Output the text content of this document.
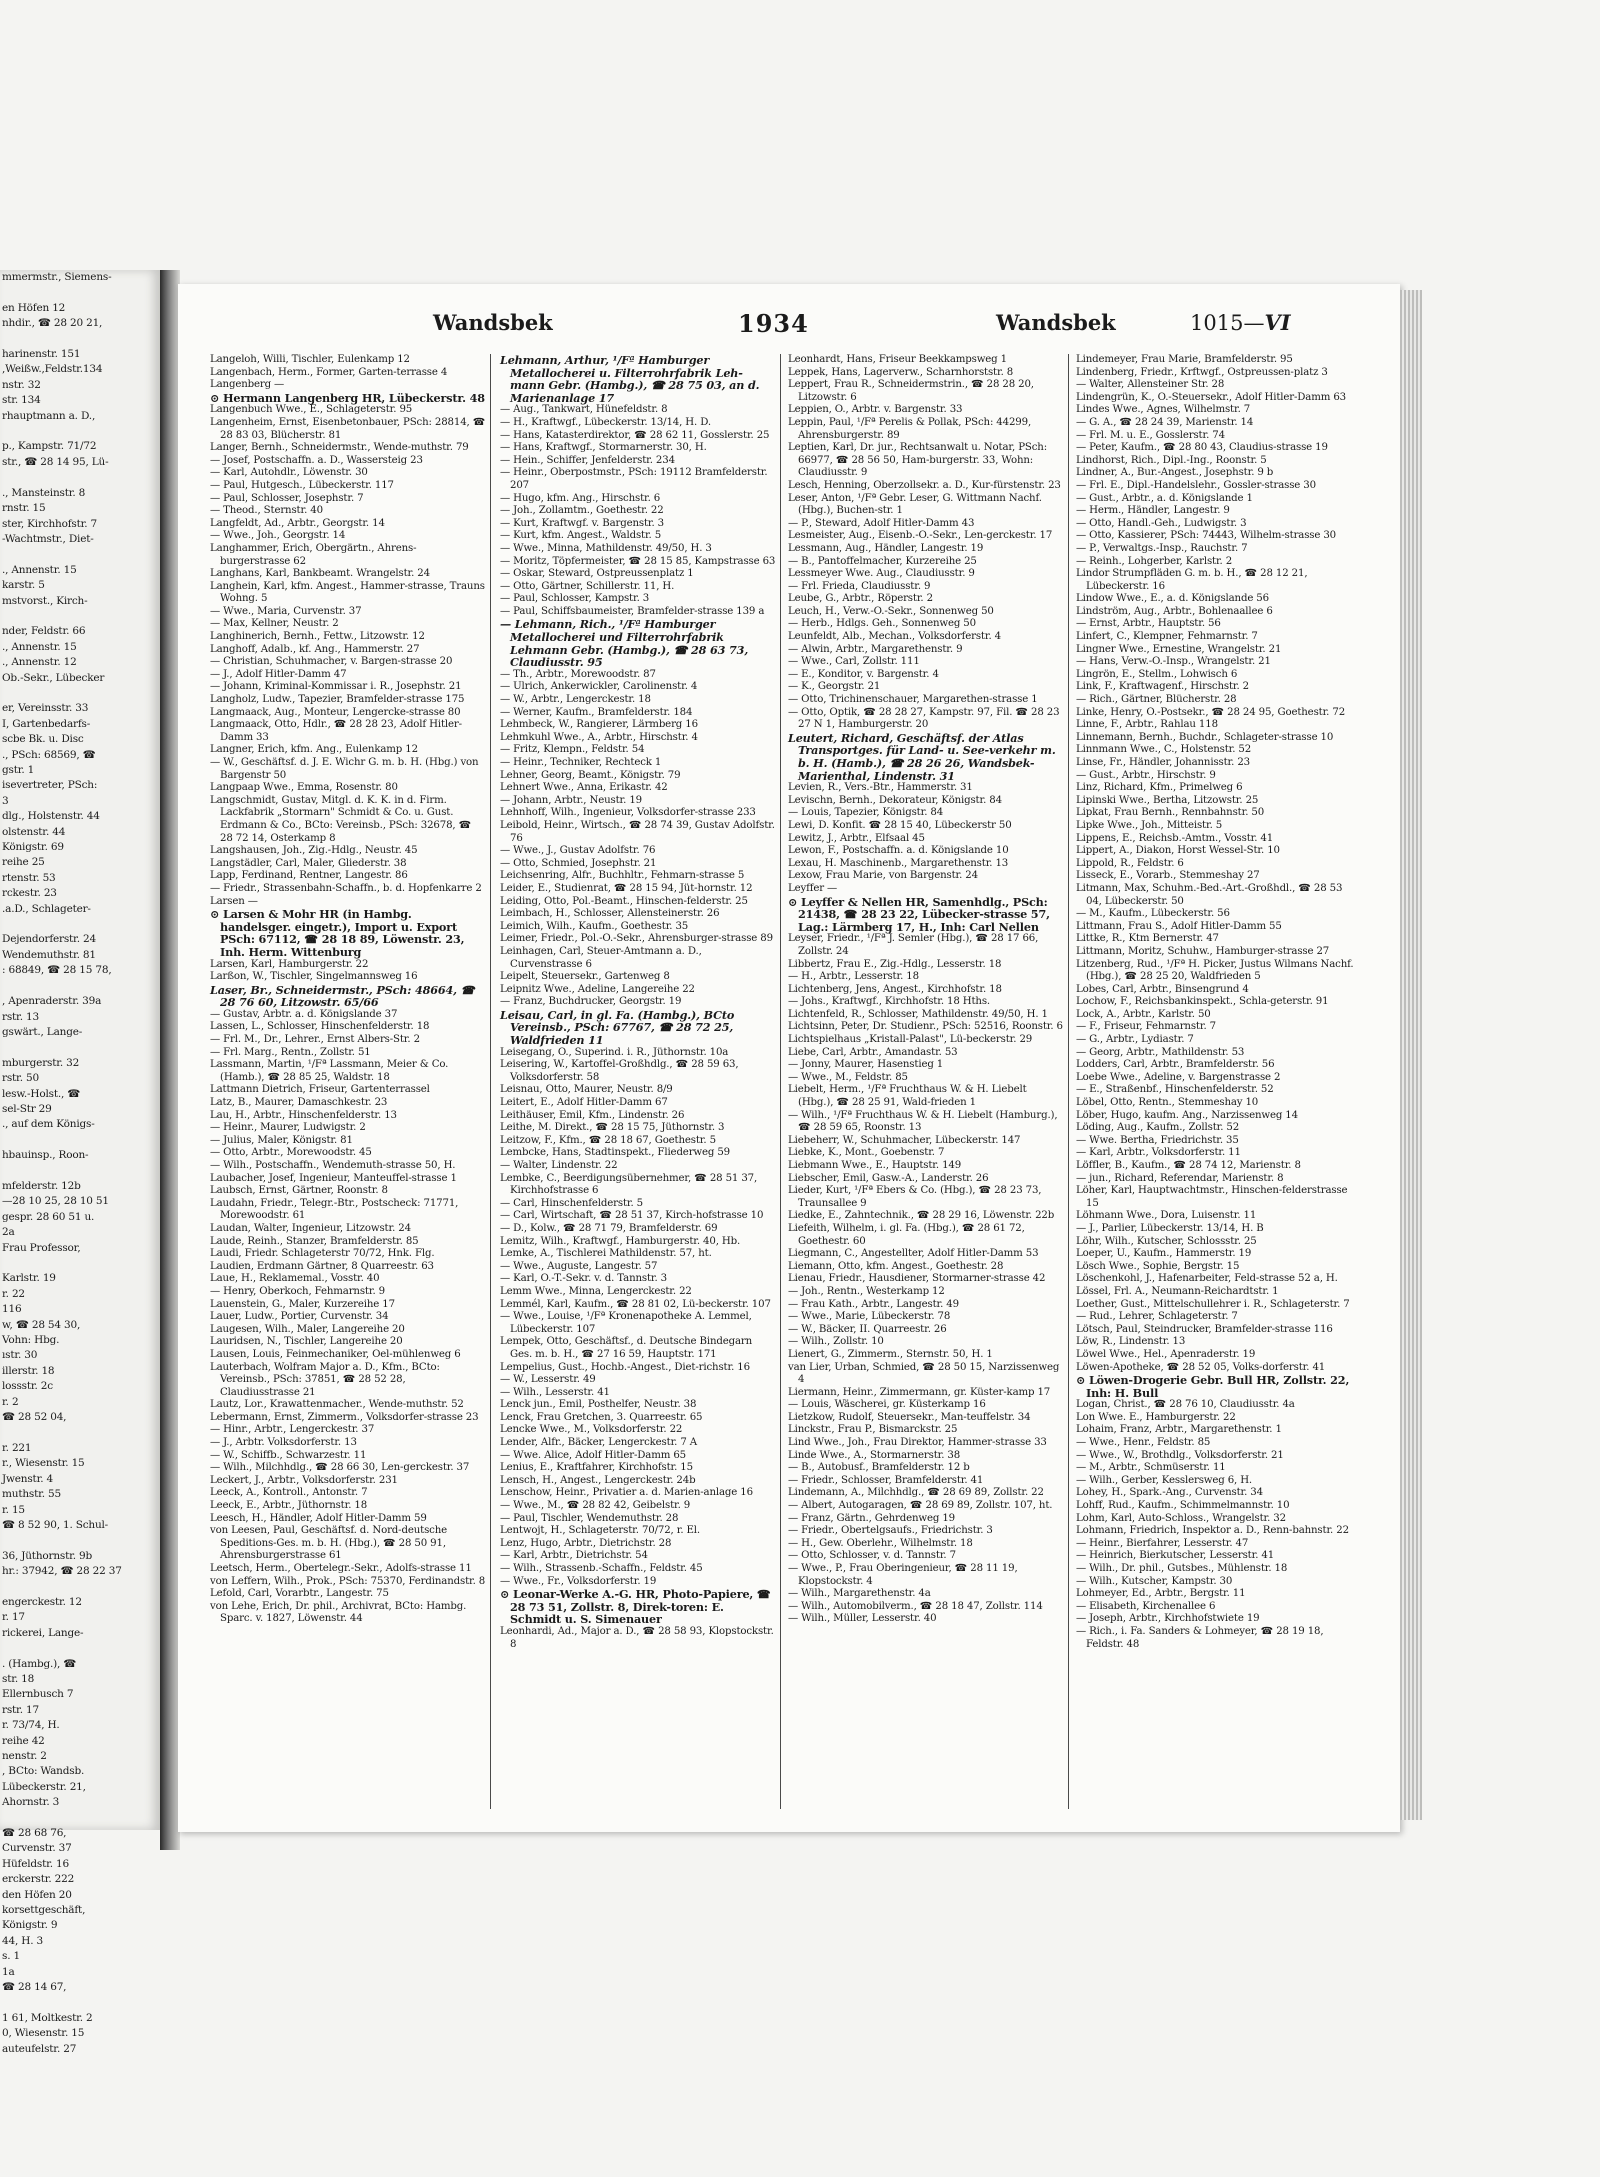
mmermstr., Siemens-

en Höfen 12
nhdir., ☎ 28 20 21,

harinenstr. 151
,Weißw.,Feldstr.134
nstr. 32
str. 134
rhauptmann a. D.,

p., Kampstr. 71/72
str., ☎ 28 14 95, Lü-

., Mansteinstr. 8
rnstr. 15
ster, Kirchhofstr. 7
-Wachtmstr., Diet-

., Annenstr. 15
karstr. 5
mstvorst., Kirch-

nder, Feldstr. 66
., Annenstr. 15
., Annenstr. 12
Ob.-Sekr., Lübecker

er, Vereinsstr. 33
I, Gartenbedarfs-
scbe Bk. u. Disc
., PSch: 68569, ☎
gstr. 1
isevertreter, PSch:
3
dlg., Holstenstr. 44
olstenstr. 44
Königstr. 69
reihe 25
rtenstr. 53
rckestr. 23
.a.D., Schlageter-

Dejendorferstr. 24
Wendemuthstr. 81
: 68849, ☎ 28 15 78,

, Apenraderstr. 39a
rstr. 13
gswärt., Lange-

mburgerstr. 32
rstr. 50
lesw.-Holst., ☎
sel-Str 29
., auf dem Königs-

hbauinsp., Roon-

mfelderstr. 12b
—28 10 25, 28 10 51
gespr. 28 60 51 u.
2a
Frau Professor,

Karlstr. 19
r. 22
116
w, ☎ 28 54 30,
Vohn: Hbg.
ıstr. 30
illerstr. 18
lossstr. 2c
r. 2
☎ 28 52 04,

r. 221
r., Wiesenstr. 15
Jwenstr. 4
muthstr. 55
r. 15
☎ 8 52 90, 1. Schul-

36, Jüthornstr. 9b
hr.: 37942, ☎ 28 22 37

engerckestr. 12
r. 17
rickerei, Lange-

. (Hambg.), ☎
str. 18
Ellernbusch 7
rstr. 17
r. 73/74, H.
reihe 42
nenstr. 2
, BCto: Wandsb.
Lübeckerstr. 21,
Ahornstr. 3

☎ 28 68 76,
Curvenstr. 37
Hüfeldstr. 16
erckerstr. 222
den Höfen 20
korsettgeschäft,
Königstr. 9
44, H. 3
s. 1
1a
☎ 28 14 67,

1 61, Moltkestr. 2
0, Wiesenstr. 15
auteufelstr. 27
Wandsbek	1934	Wandsbek	1015—VI
Langeloh, Willi, Tischler, Eulenkamp 12
Langenbach, Herm., Former, Garten-terrasse 4
Langenberg —
⊙ Hermann Langenberg HR, Lübeckerstr. 48
Langenbuch Wwe., E., Schlageterstr. 95
Langenheim, Ernst, Eisenbetonbauer, PSch: 28814, ☎ 28 83 03, Blücherstr. 81
Langer, Bernh., Schneidermstr., Wende-muthstr. 79
— Josef, Postschaffn. a. D., Wassersteig 23
— Karl, Autohdlr., Löwenstr. 30
— Paul, Hutgesch., Lübeckerstr. 117
— Paul, Schlosser, Josephstr. 7
— Theod., Sternstr. 40
Langfeldt, Ad., Arbtr., Georgstr. 14
— Wwe., Joh., Georgstr. 14
Langhammer, Erich, Obergärtn., Ahrens-burgerstrasse 62
Langhans, Karl, Bankbeamt. Wrangelstr. 24
Langhein, Karl, kfm. Angest., Hammer-strasse, Trauns Wohng. 5
— Wwe., Maria, Curvenstr. 37
— Max, Kellner, Neustr. 2
Langhinerich, Bernh., Fettw., Litzowstr. 12
Langhoff, Adalb., kf. Ang., Hammerstr. 27
— Christian, Schuhmacher, v. Bargen-strasse 20
— J., Adolf Hitler-Damm 47
— Johann, Kriminal-Kommissar i. R., Josephstr. 21
Langholz, Ludw., Tapezier, Bramfelder-strasse 175
Langmaack, Aug., Monteur, Lengercke-strasse 80
Langmaack, Otto, Hdlr., ☎ 28 28 23, Adolf Hitler-Damm 33
Langner, Erich, kfm. Ang., Eulenkamp 12
— W., Geschäftsf. d. J. E. Wichr G. m. b. H. (Hbg.) von Bargenstr 50
Langpaap Wwe., Emma, Rosenstr. 80
Langschmidt, Gustav, Mitgl. d. K. K. in d. Firm. Lackfabrik „Stormarn" Schmidt & Co. u. Gust. Erdmann & Co., BCto: Vereinsb., PSch: 32678, ☎ 28 72 14, Osterkamp 8
Langshausen, Joh., Zig.-Hdlg., Neustr. 45
Langstädler, Carl, Maler, Gliederstr. 38
Lapp, Ferdinand, Rentner, Langestr. 86
— Friedr., Strassenbahn-Schaffn., b. d. Hopfenkarre 2
Larsen —
⊙ Larsen & Mohr HR (in Hambg. handelsger. eingetr.), Import u. Export PSch: 67112, ☎ 28 18 89, Löwenstr. 23, Inh. Herm. Wittenburg
Larsen, Karl, Hamburgerstr. 22
Larßon, W., Tischler, Singelmannsweg 16
Laser, Br., Schneidermstr., PSch: 48664, ☎ 28 76 60, Litzowstr. 65/66
— Gustav, Arbtr. a. d. Königslande 37
Lassen, L., Schlosser, Hinschenfelderstr. 18
— Frl. M., Dr., Lehrer., Ernst Albers-Str. 2
— Frl. Marg., Rentn., Zollstr. 51
Lassmann, Martin, ¹/Fª Lassmann, Meier & Co. (Hamb.), ☎ 28 85 25, Waldstr. 18
Lattmann Dietrich, Friseur, Gartenterrassel
Latz, B., Maurer, Damaschkestr. 23
Lau, H., Arbtr., Hinschenfelderstr. 13
— Heinr., Maurer, Ludwigstr. 2
— Julius, Maler, Königstr. 81
— Otto, Arbtr., Morewoodstr. 45
— Wilh., Postschaffn., Wendemuth-strasse 50, H.
Laubacher, Josef, Ingenieur, Manteuffel-strasse 1
Laubsch, Ernst, Gärtner, Roonstr. 8
Laudahn, Friedr., Telegr.-Btr., Postscheck: 71771, Morewoodstr. 61
Laudan, Walter, Ingenieur, Litzowstr. 24
Laude, Reinh., Stanzer, Bramfelderstr. 85
Laudi, Friedr. Schlageterstr 70/72, Hnk. Flg.
Laudien, Erdmann Gärtner, 8 Quarreestr. 63
Laue, H., Reklamemal., Vosstr. 40
— Henry, Oberkoch, Fehmarnstr. 9
Lauenstein, G., Maler, Kurzereihe 17
Lauer, Ludw., Portier, Curvenstr. 34
Laugesen, Wilh., Maler, Langereihe 20
Lauridsen, N., Tischler, Langereihe 20
Lausen, Louis, Feinmechaniker, Oel-mühlenweg 6
Lauterbach, Wolfram Major a. D., Kfm., BCto: Vereinsb., PSch: 37851, ☎ 28 52 28, Claudiusstrasse 21
Lautz, Lor., Krawattenmacher., Wende-muthstr. 52
Lebermann, Ernst, Zimmerm., Volksdorfer-strasse 23
— Hinr., Arbtr., Lengerckestr. 37
— J., Arbtr. Volksdorferstr. 13
— W., Schiffb., Schwarzestr. 11
— Wilh., Milchhdlg., ☎ 28 66 30, Len-gerckestr. 37
Leckert, J., Arbtr., Volksdorferstr. 231
Leeck, A., Kontroll., Antonstr. 7
Leeck, E., Arbtr., Jüthornstr. 18
Leesch, H., Händler, Adolf Hitler-Damm 59
von Leesen, Paul, Geschäftsf. d. Nord-deutsche Speditions-Ges. m. b. H. (Hbg.), ☎ 28 50 91, Ahrensburgerstrasse 61
Leetsch, Herm., Obertelegr.-Sekr., Adolfs-strasse 11
von Leffern, Wilh., Prok., PSch: 75370, Ferdinandstr. 8
Lefold, Carl, Vorarbtr., Langestr. 75
von Lehe, Erich, Dr. phil., Archivrat, BCto: Hambg. Sparc. v. 1827, Löwenstr. 44
Lehmann, Arthur, ¹/Fª Hamburger Metallocherei u. Filterrohrfabrik Leh-mann Gebr. (Hambg.), ☎ 28 75 03, an d. Marienanlage 17
— Aug., Tankwart, Hünefeldstr. 8
— H., Kraftwgf., Lübeckerstr. 13/14, H. D.
— Hans, Katasterdirektor, ☎ 28 62 11, Gosslerstr. 25
— Hans, Kraftwgf., Stormarnerstr. 30, H.
— Hein., Schiffer, Jenfelderstr. 234
— Heinr., Oberpostmstr., PSch: 19112 Bramfelderstr. 207
— Hugo, kfm. Ang., Hirschstr. 6
— Joh., Zollamtm., Goethestr. 22
— Kurt, Kraftwgf. v. Bargenstr. 3
— Kurt, kfm. Angest., Waldstr. 5
— Wwe., Minna, Mathildenstr. 49/50, H. 3
— Moritz, Töpfermeister, ☎ 28 15 85, Kampstrasse 63
— Oskar, Steward, Ostpreussenplatz 1
— Otto, Gärtner, Schillerstr. 11, H.
— Paul, Schlosser, Kampstr. 3
— Paul, Schiffsbaumeister, Bramfelder-strasse 139 a
— Lehmann, Rich., ¹/Fª Hamburger Metallocherei und Filterrohrfabrik Lehmann Gebr. (Hambg.), ☎ 28 63 73, Claudiusstr. 95
— Th., Arbtr., Morewoodstr. 87
— Ulrich, Ankerwickler, Carolinenstr. 4
— W., Arbtr., Lengerckestr. 18
— Werner, Kaufm., Bramfelderstr. 184
Lehmbeck, W., Rangierer, Lärmberg 16
Lehmkuhl Wwe., A., Arbtr., Hirschstr. 4
— Fritz, Klempn., Feldstr. 54
— Heinr., Techniker, Rechteck 1
Lehner, Georg, Beamt., Königstr. 79
Lehnert Wwe., Anna, Erikastr. 42
— Johann, Arbtr., Neustr. 19
Lehnhoff, Wilh., Ingenieur, Volksdorfer-strasse 233
Leibold, Heinr., Wirtsch., ☎ 28 74 39, Gustav Adolfstr. 76
— Wwe., J., Gustav Adolfstr. 76
— Otto, Schmied, Josephstr. 21
Leichsenring, Alfr., Buchhltr., Fehmarn-strasse 5
Leider, E., Studienrat, ☎ 28 15 94, Jüt-hornstr. 12
Leiding, Otto, Pol.-Beamt., Hinschen-felderstr. 25
Leimbach, H., Schlosser, Allensteinerstr. 26
Leimich, Wilh., Kaufm., Goethestr. 35
Leimer, Friedr., Pol.-O.-Sekr., Ahrensburger-strasse 89
Leinhagen, Carl, Steuer-Amtmann a. D., Curvenstrasse 6
Leipelt, Steuersekr., Gartenweg 8
Leipnitz Wwe., Adeline, Langereihe 22
— Franz, Buchdrucker, Georgstr. 19
Leisau, Carl, in gl. Fa. (Hambg.), BCto Vereinsb., PSch: 67767, ☎ 28 72 25, Waldfrieden 11
Leisegang, O., Superind. i. R., Jüthornstr. 10a
Leisering, W., Kartoffel-Großhdlg., ☎ 28 59 63, Volksdorferstr. 58
Leisnau, Otto, Maurer, Neustr. 8/9
Leitert, E., Adolf Hitler-Damm 67
Leithäuser, Emil, Kfm., Lindenstr. 26
Leithe, M. Direkt., ☎ 28 15 75, Jüthornstr. 3
Leitzow, F., Kfm., ☎ 28 18 67, Goethestr. 5
Lembcke, Hans, Stadtinspekt., Fliederweg 59
— Walter, Lindenstr. 22
Lembke, C., Beerdigungsübernehmer, ☎ 28 51 37, Kirchhofstrasse 6
— Carl, Hinschenfelderstr. 5
— Carl, Wirtschaft, ☎ 28 51 37, Kirch-hofstrasse 10
— D., Kolw., ☎ 28 71 79, Bramfelderstr. 69
Lemitz, Wilh., Kraftwgf., Hamburgerstr. 40, Hb.
Lemke, A., Tischlerei Mathildenstr. 57, ht.
— Wwe., Auguste, Langestr. 57
— Karl, O.-T.-Sekr. v. d. Tannstr. 3
Lemm Wwe., Minna, Lengerckestr. 22
Lemmél, Karl, Kaufm., ☎ 28 81 02, Lü-beckerstr. 107
— Wwe., Louise, ¹/Fª Kronenapotheke A. Lemmel, Lübeckerstr. 107
Lempek, Otto, Geschäftsf., d. Deutsche Bindegarn Ges. m. b. H., ☎ 27 16 59, Hauptstr. 171
Lempelius, Gust., Hochb.-Angest., Diet-richstr. 16
— W., Lesserstr. 49
— Wilh., Lesserstr. 41
Lenck jun., Emil, Posthelfer, Neustr. 38
Lenck, Frau Gretchen, 3. Quarreestr. 65
Lencke Wwe., M., Volksdorferstr. 22
Lender, Alfr., Bäcker, Lengerckestr. 7 A
— Wwe. Alice, Adolf Hitler-Damm 65
Lenius, E., Kraftfahrer, Kirchhofstr. 15
Lensch, H., Angest., Lengerckestr. 24b
Lenschow, Heinr., Privatier a. d. Marien-anlage 16
— Wwe., M., ☎ 28 82 42, Geibelstr. 9
— Paul, Tischler, Wendemuthstr. 28
Lentwojt, H., Schlageterstr. 70/72, r. El.
Lenz, Hugo, Arbtr., Dietrichstr. 28
— Karl, Arbtr., Dietrichstr. 54
— Wilh., Strassenb.-Schaffn., Feldstr. 45
— Wwe., Fr., Volksdorferstr. 19
⊙ Leonar-Werke A.-G. HR, Photo-Papiere, ☎ 28 73 51, Zollstr. 8, Direk-toren: E. Schmidt u. S. Simenauer
Leonhardi, Ad., Major a. D., ☎ 28 58 93, Klopstockstr. 8
Leonhardt, Hans, Friseur Beekkampsweg 1
Leppek, Hans, Lagerverw., Scharnhorststr. 8
Leppert, Frau R., Schneidermstrin., ☎ 28 28 20, Litzowstr. 6
Leppien, O., Arbtr. v. Bargenstr. 33
Leppin, Paul, ¹/Fª Perelis & Pollak, PSch: 44299, Ahrensburgerstr. 89
Leptien, Karl, Dr. jur., Rechtsanwalt u. Notar, PSch: 66977, ☎ 28 56 50, Ham-burgerstr. 33, Wohn: Claudiusstr. 9
Lesch, Henning, Oberzollsekr. a. D., Kur-fürstenstr. 23
Leser, Anton, ¹/Fª Gebr. Leser, G. Wittmann Nachf. (Hbg.), Buchen-str. 1
— P., Steward, Adolf Hitler-Damm 43
Lesmeister, Aug., Eisenb.-O.-Sekr., Len-gerckestr. 17
Lessmann, Aug., Händler, Langestr. 19
— B., Pantoffelmacher, Kurzereihe 25
Lessmeyer Wwe. Aug., Claudiusstr. 9
— Frl. Frieda, Claudiusstr. 9
Leube, G., Arbtr., Röperstr. 2
Leuch, H., Verw.-O.-Sekr., Sonnenweg 50
— Herb., Hdlgs. Geh., Sonnenweg 50
Leunfeldt, Alb., Mechan., Volksdorferstr. 4
— Alwin, Arbtr., Margarethenstr. 9
— Wwe., Carl, Zollstr. 111
— E., Konditor, v. Bargenstr. 4
— K., Georgstr. 21
— Otto, Trichinenschauer, Margarethen-strasse 1
— Otto, Optik, ☎ 28 28 27, Kampstr. 97, Fil. ☎ 28 23 27 N 1, Hamburgerstr. 20
Leutert, Richard, Geschäftsf. der Atlas Transportges. für Land- u. See-verkehr m. b. H. (Hamb.), ☎ 28 26 26, Wandsbek-Marienthal, Lindenstr. 31
Levien, R., Vers.-Btr., Hammerstr. 31
Levischn, Bernh., Dekorateur, Königstr. 84
— Louis, Tapezier, Königstr. 84
Lewi, D. Konfit. ☎ 28 15 40, Lübeckerstr 50
Lewitz, J., Arbtr., Elfsaal 45
Lewon, F., Postschaffn. a. d. Königslande 10
Lexau, H. Maschinenb., Margarethenstr. 13
Lexow, Frau Marie, von Bargenstr. 24
Leyffer —
⊙ Leyffer & Nellen HR, Samenhdlg., PSch: 21438, ☎ 28 23 22, Lübecker-strasse 57, Lag.: Lärmberg 17, H., Inh: Carl Nellen
Leyser, Friedr., ¹/Fª J. Semler (Hbg.), ☎ 28 17 66, Zollstr. 24
Libbertz, Frau E., Zig.-Hdlg., Lesserstr. 18
— H., Arbtr., Lesserstr. 18
Lichtenberg, Jens, Angest., Kirchhofstr. 18
— Johs., Kraftwgf., Kirchhofstr. 18 Hths.
Lichtenfeld, R., Schlosser, Mathildenstr. 49/50, H. 1
Lichtsinn, Peter, Dr. Studienr., PSch: 52516, Roonstr. 6
Lichtspielhaus „Kristall-Palast", Lü-beckerstr. 29
Liebe, Carl, Arbtr., Amandastr. 53
— Jonny, Maurer, Hasenstieg 1
— Wwe., M., Feldstr. 85
Liebelt, Herm., ¹/Fª Fruchthaus W. & H. Liebelt (Hbg.), ☎ 28 25 91, Wald-frieden 1
— Wilh., ¹/Fª Fruchthaus W. & H. Liebelt (Hamburg.), ☎ 28 59 65, Roonstr. 13
Liebeherr, W., Schuhmacher, Lübeckerstr. 147
Liebke, K., Mont., Goebenstr. 7
Liebmann Wwe., E., Hauptstr. 149
Liebscher, Emil, Gasw.-A., Landerstr. 26
Lieder, Kurt, ¹/Fª Ebers & Co. (Hbg.), ☎ 28 23 73, Traunsallee 9
Liedke, E., Zahntechnik., ☎ 28 29 16, Löwenstr. 22b
Liefeith, Wilhelm, i. gl. Fa. (Hbg.), ☎ 28 61 72, Goethestr. 60
Liegmann, C., Angestellter, Adolf Hitler-Damm 53
Liemann, Otto, kfm. Angest., Goethestr. 28
Lienau, Friedr., Hausdiener, Stormarner-strasse 42
— Joh., Rentn., Westerkamp 12
— Frau Kath., Arbtr., Langestr. 49
— Wwe., Marie, Lübeckerstr. 78
— W., Bäcker, II. Quarreestr. 26
— Wilh., Zollstr. 10
Lienert, G., Zimmerm., Sternstr. 50, H. 1
van Lier, Urban, Schmied, ☎ 28 50 15, Narzissenweg 4
Liermann, Heinr., Zimmermann, gr. Küster-kamp 17
— Louis, Wäscherei, gr. Küsterkamp 16
Lietzkow, Rudolf, Steuersekr., Man-teuffelstr. 34
Linckstr., Frau P., Bismarckstr. 25
Lind Wwe., Joh., Frau Direktor, Hammer-strasse 33
Linde Wwe., A., Stormarnerstr. 38
— B., Autobusf., Bramfelderstr. 12 b
— Friedr., Schlosser, Bramfelderstr. 41
Lindemann, A., Milchhdlg., ☎ 28 69 89, Zollstr. 22
— Albert, Autogaragen, ☎ 28 69 89, Zollstr. 107, ht.
— Franz, Gärtn., Gehrdenweg 19
— Friedr., Obertelgsaufs., Friedrichstr. 3
— H., Gew. Oberlehr., Wilhelmstr. 18
— Otto, Schlosser, v. d. Tannstr. 7
— Wwe., P., Frau Oberingenieur, ☎ 28 11 19, Klopstockstr. 4
— Wilh., Margarethenstr. 4a
— Wilh., Automobilverm., ☎ 28 18 47, Zollstr. 114
— Wilh., Müller, Lesserstr. 40
Lindemeyer, Frau Marie, Bramfelderstr. 95
Lindenberg, Friedr., Krftwgf., Ostpreussen-platz 3
— Walter, Allensteiner Str. 28
Lindengrün, K., O.-Steuersekr., Adolf Hitler-Damm 63
Lindes Wwe., Agnes, Wilhelmstr. 7
— G. A., ☎ 28 24 39, Marienstr. 14
— Frl. M. u. E., Gosslerstr. 74
— Peter, Kaufm., ☎ 28 80 43, Claudius-strasse 19
Lindhorst, Rich., Dipl.-Ing., Roonstr. 5
Lindner, A., Bur.-Angest., Josephstr. 9 b
— Frl. E., Dipl.-Handelslehr., Gossler-strasse 30
— Gust., Arbtr., a. d. Königslande 1
— Herm., Händler, Langestr. 9
— Otto, Handl.-Geh., Ludwigstr. 3
— Otto, Kassierer, PSch: 74443, Wilhelm-strasse 30
— P., Verwaltgs.-Insp., Rauchstr. 7
— Reinh., Lohgerber, Karlstr. 2
Lindor Strumpfläden G. m. b. H., ☎ 28 12 21, Lübeckerstr. 16
Lindow Wwe., E., a. d. Königslande 56
Lindström, Aug., Arbtr., Bohlenaallee 6
— Ernst, Arbtr., Hauptstr. 56
Linfert, C., Klempner, Fehmarnstr. 7
Lingner Wwe., Ernestine, Wrangelstr. 21
— Hans, Verw.-O.-Insp., Wrangelstr. 21
Lingrön, E., Stellm., Lohwisch 6
Link, F., Kraftwagenf., Hirschstr. 2
— Rich., Gärtner, Blücherstr. 28
Linke, Henry, O.-Postsekr., ☎ 28 24 95, Goethestr. 72
Linne, F., Arbtr., Rahlau 118
Linnemann, Bernh., Buchdr., Schlageter-strasse 10
Linnmann Wwe., C., Holstenstr. 52
Linse, Fr., Händler, Johannisstr. 23
— Gust., Arbtr., Hirschstr. 9
Linz, Richard, Kfm., Primelweg 6
Lipinski Wwe., Bertha, Litzowstr. 25
Lipkat, Frau Bernh., Rennbahnstr. 50
Lipke Wwe., Joh., Mitteistr. 5
Lippens, E., Reichsb.-Amtm., Vosstr. 41
Lippert, A., Diakon, Horst Wessel-Str. 10
Lippold, R., Feldstr. 6
Lisseck, E., Vorarb., Stemmeshay 27
Litmann, Max, Schuhm.-Bed.-Art.-Großhdl., ☎ 28 53 04, Lübeckerstr. 50
— M., Kaufm., Lübeckerstr. 56
Littmann, Frau S., Adolf Hitler-Damm 55
Littke, R., Ktm Bernerstr. 47
Littmann, Moritz, Schuhw., Hamburger-strasse 27
Litzenberg, Rud., ¹/Fª H. Picker, Justus Wilmans Nachf. (Hbg.), ☎ 28 25 20, Waldfrieden 5
Lobes, Carl, Arbtr., Binsengrund 4
Lochow, F., Reichsbankinspekt., Schla-geterstr. 91
Lock, A., Arbtr., Karlstr. 50
— F., Friseur, Fehmarnstr. 7
— G., Arbtr., Lydiastr. 7
— Georg, Arbtr., Mathildenstr. 53
Lodders, Carl, Arbtr., Bramfelderstr. 56
Loebe Wwe., Adeline, v. Bargenstrasse 2
— E., Straßenbf., Hinschenfelderstr. 52
Löbel, Otto, Rentn., Stemmeshay 10
Löber, Hugo, kaufm. Ang., Narzissenweg 14
Löding, Aug., Kaufm., Zollstr. 52
— Wwe. Bertha, Friedrichstr. 35
— Karl, Arbtr., Volksdorferstr. 11
Löffler, B., Kaufm., ☎ 28 74 12, Marienstr. 8
— jun., Richard, Referendar, Marienstr. 8
Löher, Karl, Hauptwachtmstr., Hinschen-felderstrasse 15
Löhmann Wwe., Dora, Luisenstr. 11
— J., Parlier, Lübeckerstr. 13/14, H. B
Löhr, Wilh., Kutscher, Schlossstr. 25
Loeper, U., Kaufm., Hammerstr. 19
Lösch Wwe., Sophie, Bergstr. 15
Löschenkohl, J., Hafenarbeiter, Feld-strasse 52 a, H.
Lössel, Frl. A., Neumann-Reichardtstr. 1
Loether, Gust., Mittelschullehrer i. R., Schlageterstr. 7
— Rud., Lehrer, Schlageterstr. 7
Lötsch, Paul, Steindrucker, Bramfelder-strasse 116
Löw, R., Lindenstr. 13
Löwel Wwe., Hel., Apenraderstr. 19
Löwen-Apotheke, ☎ 28 52 05, Volks-dorferstr. 41
⊙ Löwen-Drogerie Gebr. Bull HR, Zollstr. 22, Inh: H. Bull
Logan, Christ., ☎ 28 76 10, Claudiusstr. 4a
Lon Wwe. E., Hamburgerstr. 22
Lohaim, Franz, Arbtr., Margarethenstr. 1
— Wwe., Henr., Feldstr. 85
— Wwe., W., Brothdlg., Volksdorferstr. 21
— M., Arbtr., Schmüserstr. 11
— Wilh., Gerber, Kesslersweg 6, H.
Lohey, H., Spark.-Ang., Curvenstr. 34
Lohff, Rud., Kaufm., Schimmelmannstr. 10
Lohm, Karl, Auto-Schloss., Wrangelstr. 32
Lohmann, Friedrich, Inspektor a. D., Renn-bahnstr. 22
— Heinr., Bierfahrer, Lesserstr. 47
— Heinrich, Bierkutscher, Lesserstr. 41
— Wilh., Dr. phil., Gutsbes., Mühlenstr. 18
— Wilh., Kutscher, Kampstr. 30
Lohmeyer, Ed., Arbtr., Bergstr. 11
— Elisabeth, Kirchenallee 6
— Joseph, Arbtr., Kirchhofstwiete 19
— Rich., i. Fa. Sanders & Lohmeyer, ☎ 28 19 18, Feldstr. 48
